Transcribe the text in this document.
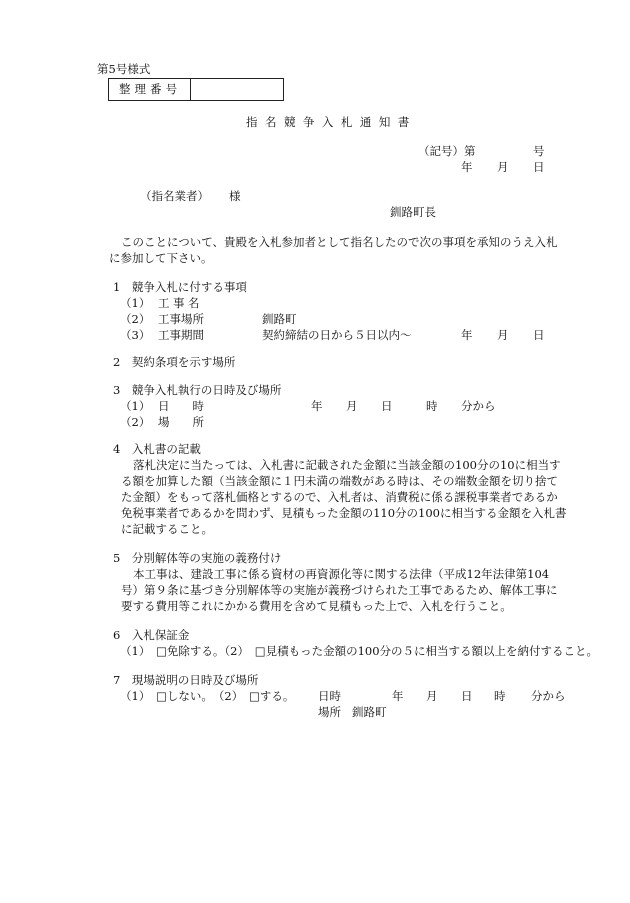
第5号様式
整理番号
指名競争入札通知書
（記号）第	号
年 月 日
（指名業者） 様
釧路町長
このことについて、貴殿を入札参加者として指名したので次の事項を承知のうえ入札
に参加して下さい。
1　競争入札に付する事項
（1） 工事名
（2） 工事場所	釧路町
（3） 工事期間	契約締結の日から５日以内～	年 月 日
2　契約条項を示す場所
3　競争入札執行の日時及び場所
（1） 日　　時	年 月 日	時 分から
（2） 場　　所
4　入札書の記載
落札決定に当たっては、入札書に記載された金額に当該金額の100分の10に相当す
る額を加算した額（当該金額に１円未満の端数がある時は、その端数金額を切り捨て
た金額）をもって落札価格とするので、入札者は、消費税に係る課税事業者であるか
免税事業者であるかを問わず、見積もった金額の110分の100に相当する金額を入札書
に記載すること。
5　分別解体等の実施の義務付け
本工事は、建設工事に係る資材の再資源化等に関する法律（平成12年法律第104
号）第９条に基づき分別解体等の実施が義務づけられた工事であるため、解体工事に
要する費用等これにかかる費用を含めて見積もった上で、入札を行うこと。
6　入札保証金
（1）　□免除する。（2）　□見積もった金額の100分の５に相当する額以上を納付すること。
7　現場説明の日時及び場所
（1）　□しない。　（2）　□する。 日時	年 月 日 時 分から
場所 釧路町
